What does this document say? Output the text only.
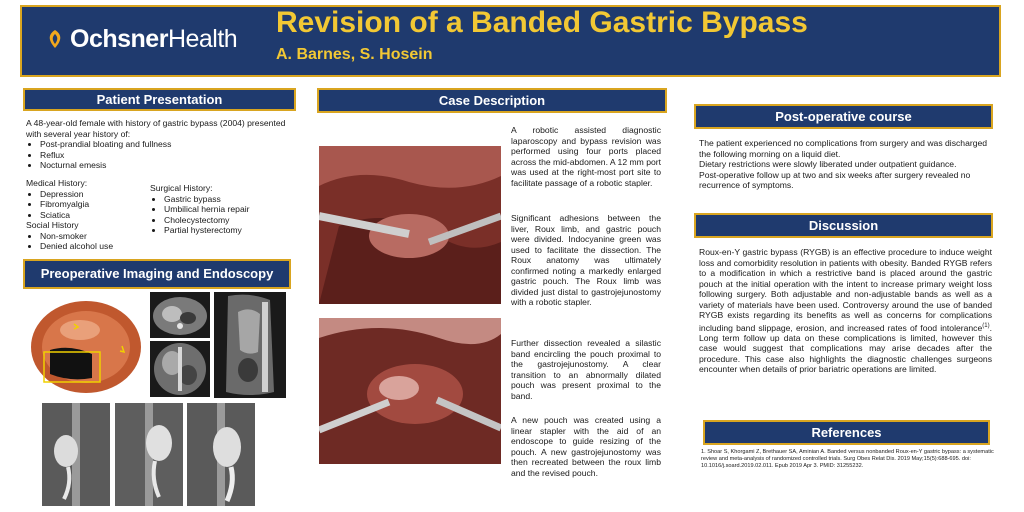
OchsnerHealth Revision of a Banded Gastric Bypass
A. Barnes, S. Hosein
Patient Presentation

A 48-year-old female with history of gastric bypass (2004) presented with several year history of:

• Post-prandial bloating and fullness
• Reflux
• Nocturnal emesis

Medical History:

• Depression
• Fibromyalgia
• Sciatica

Social History

• Non-smoker
• Denied alcohol use

Surgical History:

• Gastric bypass
• Umbilical hernia repair
• Cholecystectomy
• Partial hysterectomy
Preoperative Imaging and Endoscopy
Case Description
A robotic assisted diagnostic laparoscopy and bypass revision was performed using four ports placed across the mid-abdomen. A 12 mm port was used at the right-most port site to facilitate passage of a robotic stapler.
Significant adhesions between the liver, Roux limb, and gastric pouch were divided. Indocyanine green was used to facilitate the dissection. The Roux anatomy was ultimately confirmed noting a markedly enlarged gastric pouch. The Roux limb was divided just distal to gastrojejunostomy with a robotic stapler.
Further dissection revealed a silastic band encircling the pouch proximal to the gastrojejunostomy. A clear transition to an abnormally dilated pouch was present proximal to the band.
A new pouch was created using a linear stapler with the aid of an endoscope to guide resizing of the pouch. A new gastrojejunostomy was then recreated between the roux limb and the revised pouch.
Post-operative course

The patient experienced no complications from surgery and was discharged the following morning on a liquid diet.

Dietary restrictions were slowly liberated under outpatient guidance.

Post-operative follow up at two and six weeks after surgery revealed no recurrence of symptoms.

Discussion
Roux-en-Y gastric bypass (RYGB) is an effective procedure to induce weight loss and comorbidity resolution in patients with obesity. Banded RYGB refers to a modification in which a restrictive band is placed around the gastric pouch at the initial operation with the intent to increase primary weight loss following surgery. Both adjustable and non-adjustable bands as well as a variety of materials have been used. Controversy around the use of banded RYGB exists regarding its benefits as well as concerns for complications including band slippage, erosion, and increased rates of food intolerance$^{(1)}$. Long term follow up data on these complications is limited, however this case would suggest that complications may arise decades after the procedure. This case also highlights the diagnostic challenges surgeons encounter when details of prior bariatric operations are limited.
References
1. Shoar S, Khorgami Z, Brethauer SA, Aminian A. Banded versus nonbanded Roux-en-Y gastric bypass: a systematic review and meta-analysis of randomized controlled trials. Surg Obes Relat Dis. 2019 May;15(5):688-695. doi: 10.1016/j.soard.2019.02.011. Epub 2019 Apr 3. PMID: 31255232.
